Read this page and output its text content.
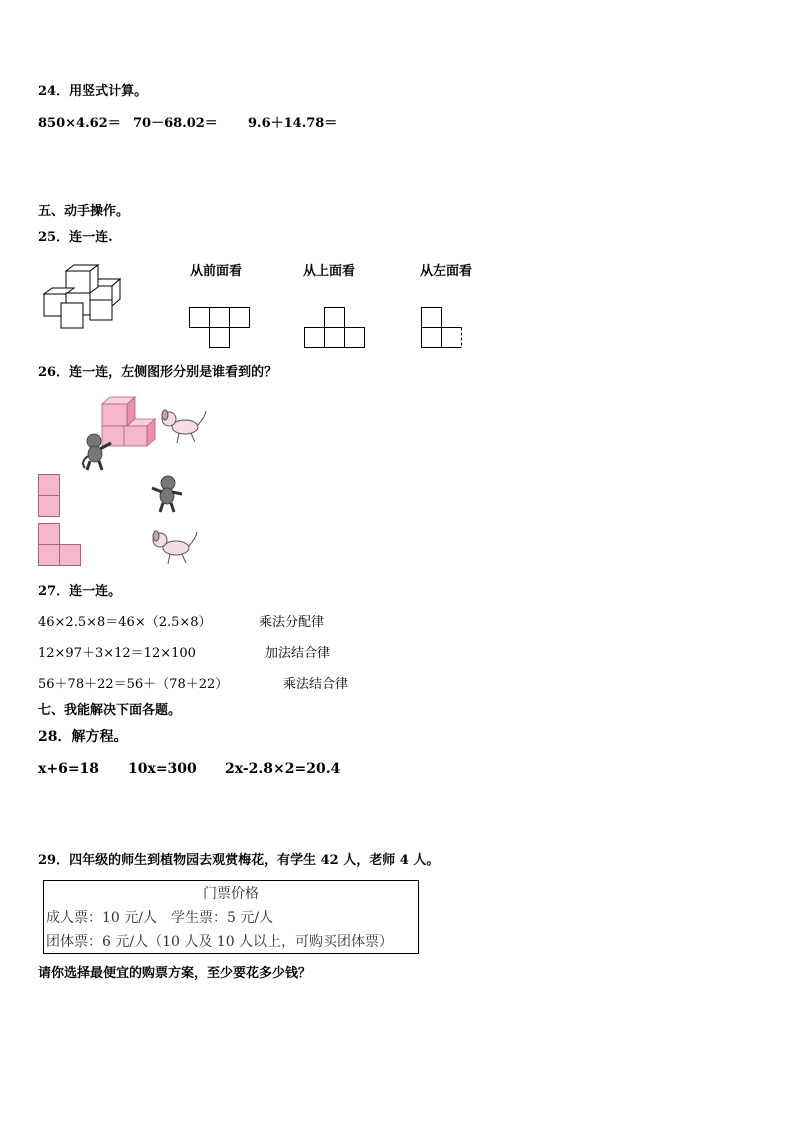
24．用竖式计算。
850×4.62＝ 70－68.02＝ 9.6＋14.78＝
五、动手操作。
25．连一连.
从前面看	从上面看	从左面看
26．连一连，左侧图形分别是谁看到的？
27．连一连。
46×2.5×8＝46×（2.5×8）	乘法分配律
12×97＋3×12＝12×100	加法结合律
56＋78＋22＝56＋（78＋22）	乘法结合律
七、我能解决下面各题。
28．解方程。
x+6=18 10x=300 2x-2.8×2=20.4
29．四年级的师生到植物园去观赏梅花，有学生 42 人，老师 4 人。
门票价格
成人票：10 元/人　学生票：5 元/人
团体票：6 元/人（10 人及 10 人以上，可购买团体票）
请你选择最便宜的购票方案，至少要花多少钱？
